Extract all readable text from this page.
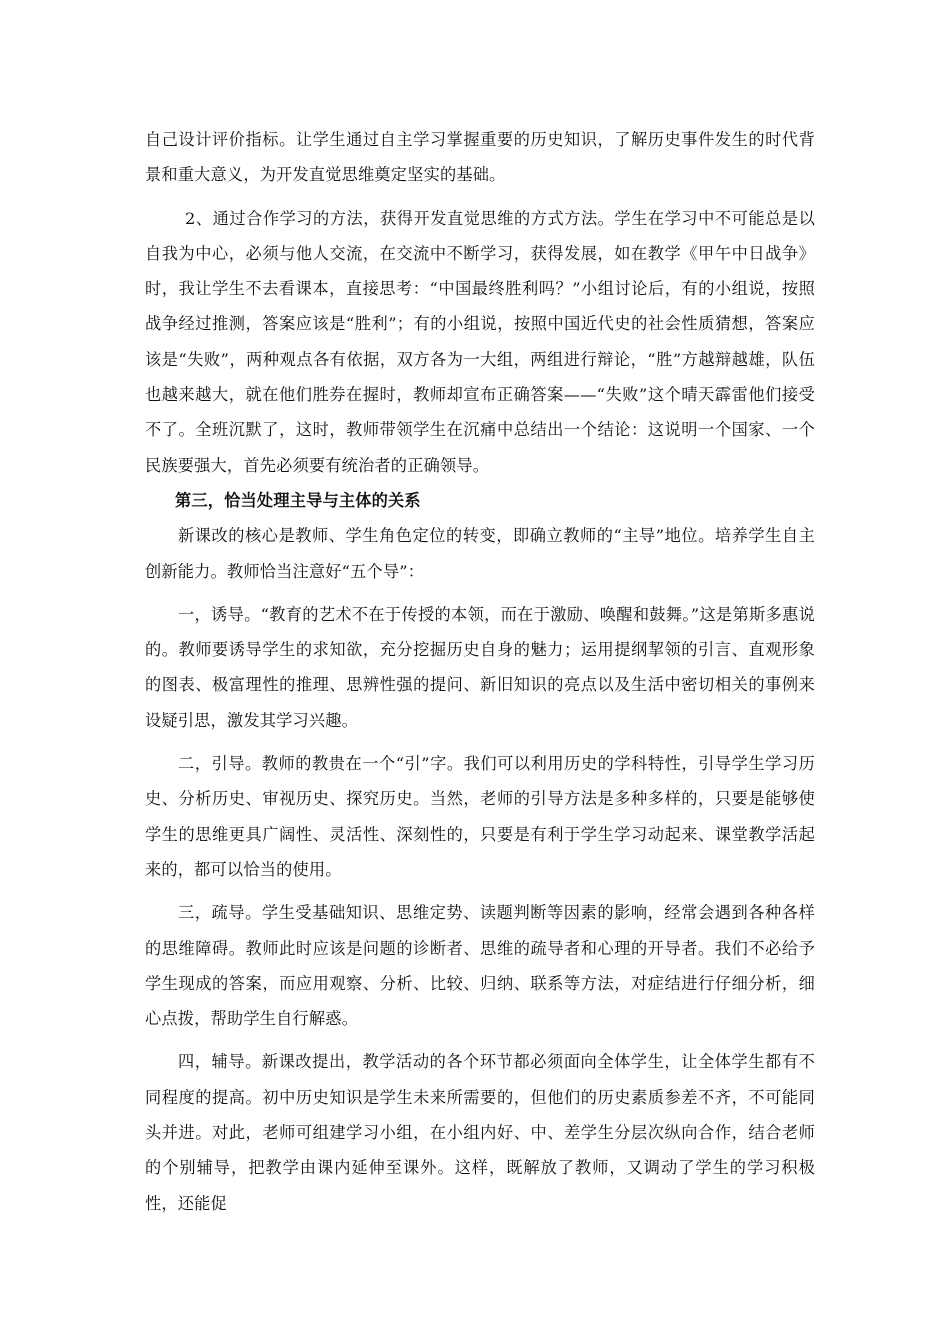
自己设计评价指标。让学生通过自主学习掌握重要的历史知识，了解历史事件发生的时代背景和重大意义，为开发直觉思维奠定坚实的基础。

2、通过合作学习的方法，获得开发直觉思维的方式方法。学生在学习中不可能总是以自我为中心，必须与他人交流，在交流中不断学习，获得发展，如在教学《甲午中日战争》时，我让学生不去看课本，直接思考：“中国最终胜利吗？”小组讨论后，有的小组说，按照战争经过推测，答案应该是“胜利”；有的小组说，按照中国近代史的社会性质猜想，答案应该是“失败”，两种观点各有依据，双方各为一大组，两组进行辩论，“胜”方越辩越雄，队伍也越来越大，就在他们胜券在握时，教师却宣布正确答案——“失败”这个晴天霹雷他们接受不了。全班沉默了，这时，教师带领学生在沉痛中总结出一个结论：这说明一个国家、一个民族要强大，首先必须要有统治者的正确领导。

第三，恰当处理主导与主体的关系

新课改的核心是教师、学生角色定位的转变，即确立教师的“主导”地位。培养学生自主创新能力。教师恰当注意好“五个导”：

一，诱导。“教育的艺术不在于传授的本领，而在于激励、唤醒和鼓舞。”这是第斯多惠说的。教师要诱导学生的求知欲，充分挖掘历史自身的魅力；运用提纲挈领的引言、直观形象的图表、极富理性的推理、思辨性强的提问、新旧知识的亮点以及生活中密切相关的事例来设疑引思，激发其学习兴趣。

二，引导。教师的教贵在一个“引”字。我们可以利用历史的学科特性，引导学生学习历史、分析历史、审视历史、探究历史。当然，老师的引导方法是多种多样的，只要是能够使学生的思维更具广阔性、灵活性、深刻性的，只要是有利于学生学习动起来、课堂教学活起来的，都可以恰当的使用。

三，疏导。学生受基础知识、思维定势、读题判断等因素的影响，经常会遇到各种各样的思维障碍。教师此时应该是问题的诊断者、思维的疏导者和心理的开导者。我们不必给予学生现成的答案，而应用观察、分析、比较、归纳、联系等方法，对症结进行仔细分析，细心点拨，帮助学生自行解惑。

四，辅导。新课改提出，教学活动的各个环节都必须面向全体学生，让全体学生都有不同程度的提高。初中历史知识是学生未来所需要的，但他们的历史素质参差不齐，不可能同头并进。对此，老师可组建学习小组，在小组内好、中、差学生分层次纵向合作，结合老师的个别辅导，把教学由课内延伸至课外。这样，既解放了教师，又调动了学生的学习积极性，还能促
